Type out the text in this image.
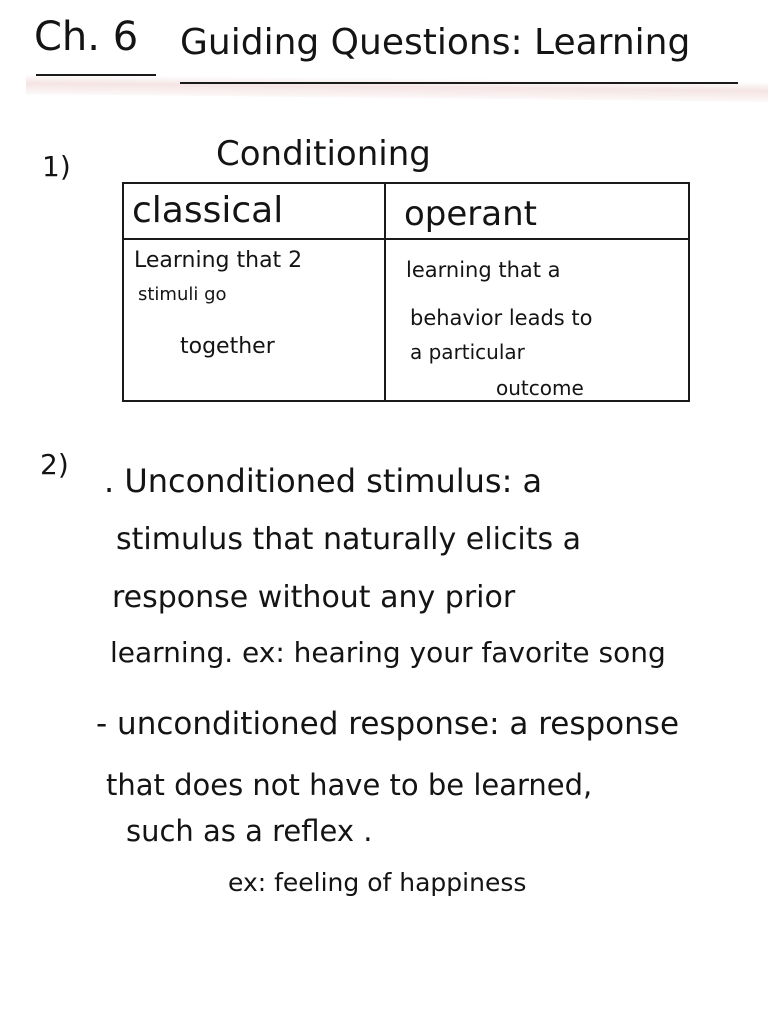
Ch. 6 Guiding Questions: Learning
1)	Conditioning
classical	operant
Learning that 2
stimuli go
together
learning that a
behavior leads to
a particular
outcome
2) . Unconditioned stimulus: a
stimulus that naturally elicits a
response without any prior
learning. ex: hearing your favorite song
- unconditioned response: a response
that does not have to be learned,
such as a reflex .
ex: feeling of happiness
